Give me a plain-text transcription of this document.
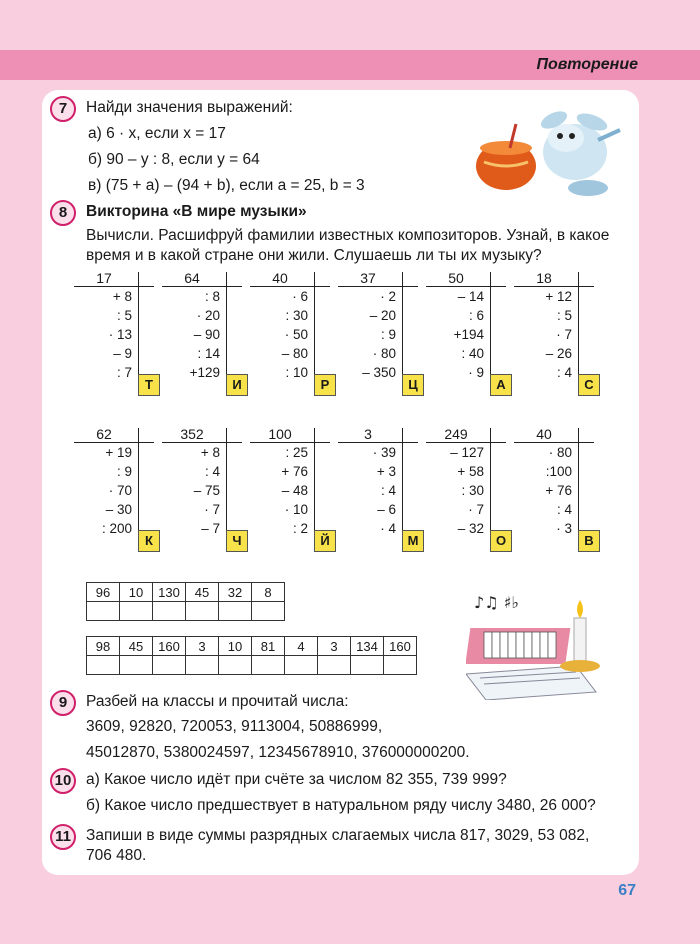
Повторение
7	Найди значения выражений:
а) 6 · x, если x = 17
б) 90 – y : 8, если y = 64
в) (75 + a) – (94 + b), если a = 25, b = 3
8	Викторина «В мире музыки»
Вычисли. Расшифруй фамилии известных композиторов. Узнай, в какое
время и в какой стране они жили. Слушаешь ли ты их музыку?
17
+ 8
: 5
· 13
– 9
: 7
Т
64
: 8
· 20
– 90
: 14
+129
И
40
· 6
: 30
· 50
– 80
: 10
Р
37
· 2
– 20
: 9
· 80
– 350
Ц
50
– 14
: 6
+194
: 40
· 9
А
18
+ 12
: 5
· 7
– 26
: 4
С
62
+ 19
: 9
· 70
– 30
: 200
К
352
+ 8
: 4
– 75
· 7
– 7
Ч
100
: 25
+ 76
– 48
· 10
: 2
Й
3
· 39
+ 3
: 4
– 6
· 4
М
249
– 127
+ 58
: 30
· 7
– 32
О
40
· 80
:100
+ 76
: 4
· 3
В
96	10	130	45	32	8

98	45	160	3	10	81	4	3	134	160

♪♫ ♯♭
9	Разбей на классы и прочитай числа:
3609, 92820, 720053, 9113004, 50886999,
45012870, 5380024597, 12345678910, 376000000200.
10 а) Какое число идёт при счёте за числом 82 355, 739 999?
б) Какое число предшествует в натуральном ряду числу 3480, 26 000?
11 Запиши в виде суммы разрядных слагаемых числа 817, 3029, 53 082,
706 480.
67
